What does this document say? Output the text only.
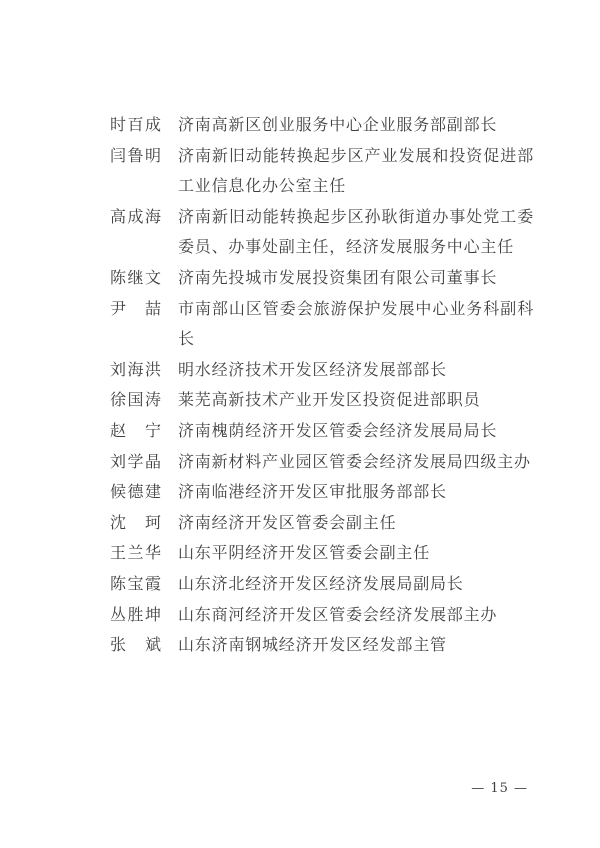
时百成 济南高新区创业服务中心企业服务部副部长
闫鲁明 济南新旧动能转换起步区产业发展和投资促进部工业信息化办公室主任
高成海 济南新旧动能转换起步区孙耿街道办事处党工委委员、办事处副主任，经济发展服务中心主任
陈继文 济南先投城市发展投资集团有限公司董事长
尹喆 市南部山区管委会旅游保护发展中心业务科副科长
刘海洪 明水经济技术开发区经济发展部部长
徐国涛 莱芜高新技术产业开发区投资促进部职员
赵宁 济南槐荫经济开发区管委会经济发展局局长
刘学晶 济南新材料产业园区管委会经济发展局四级主办
候德建 济南临港经济开发区审批服务部部长
沈珂 济南经济开发区管委会副主任
王兰华 山东平阴经济开发区管委会副主任
陈宝霞 山东济北经济开发区经济发展局副局长
丛胜坤 山东商河经济开发区管委会经济发展部主办
张斌 山东济南钢城经济开发区经发部主管
— 15 —
